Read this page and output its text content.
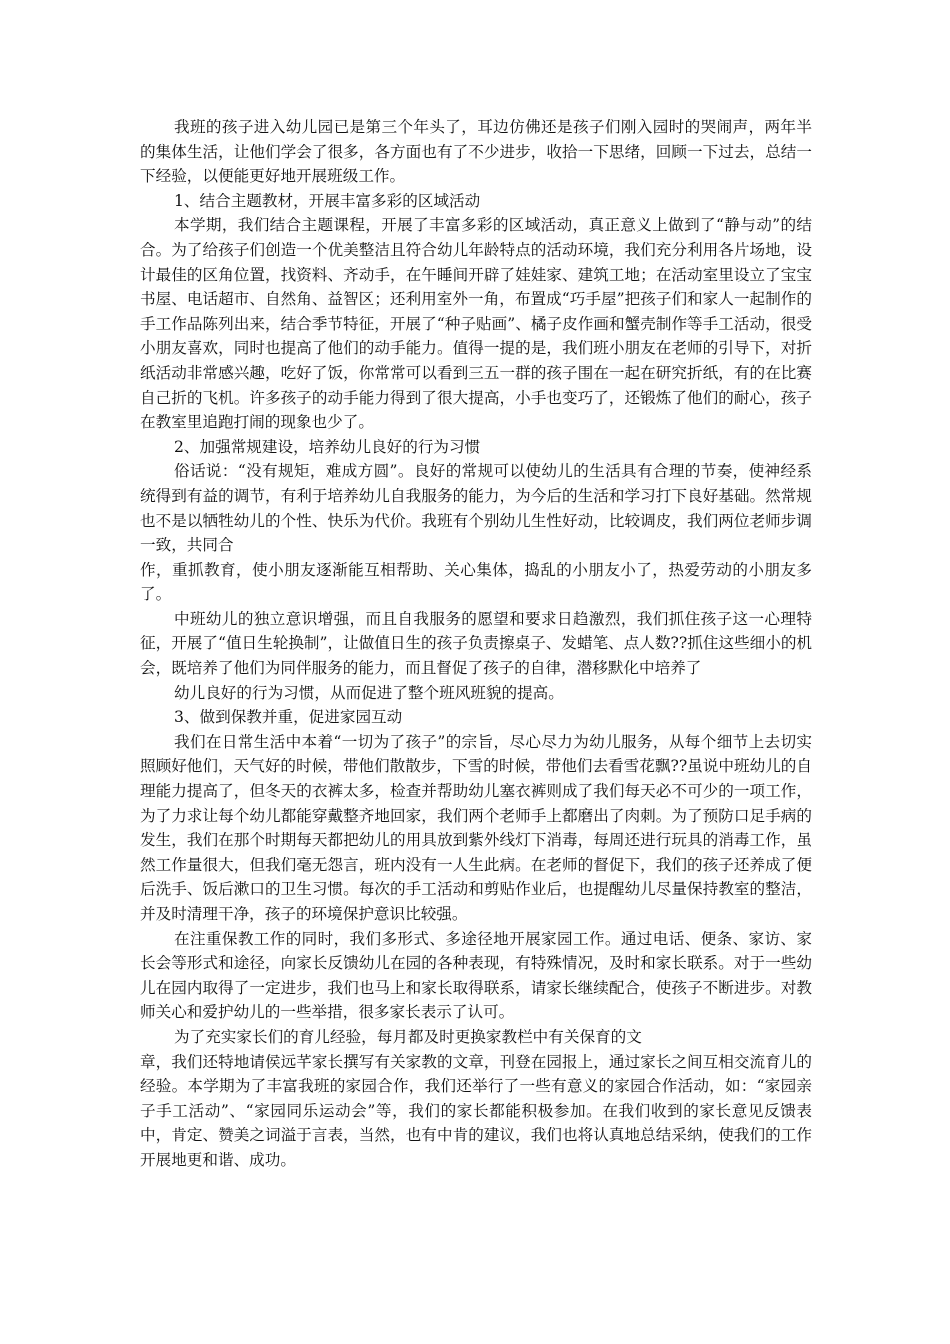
我班的孩子进入幼儿园已是第三个年头了，耳边仿佛还是孩子们刚入园时的哭闹声，两年半的集体生活，让他们学会了很多，各方面也有了不少进步，收拾一下思绪，回顾一下过去，总结一下经验，以便能更好地开展班级工作。

1、结合主题教材，开展丰富多彩的区域活动

本学期，我们结合主题课程，开展了丰富多彩的区域活动，真正意义上做到了“静与动”的结合。为了给孩子们创造一个优美整洁且符合幼儿年龄特点的活动环境，我们充分利用各片场地，设计最佳的区角位置，找资料、齐动手，在午睡间开辟了娃娃家、建筑工地；在活动室里设立了宝宝书屋、电话超市、自然角、益智区；还利用室外一角，布置成“巧手屋”把孩子们和家人一起制作的手工作品陈列出来，结合季节特征，开展了“种子贴画”、橘子皮作画和蟹壳制作等手工活动，很受小朋友喜欢，同时也提高了他们的动手能力。值得一提的是，我们班小朋友在老师的引导下，对折纸活动非常感兴趣，吃好了饭，你常常可以看到三五一群的孩子围在一起在研究折纸，有的在比赛自己折的飞机。许多孩子的动手能力得到了很大提高，小手也变巧了，还锻炼了他们的耐心，孩子在教室里追跑打闹的现象也少了。

2、加强常规建设，培养幼儿良好的行为习惯

俗话说：“没有规矩，难成方圆”。良好的常规可以使幼儿的生活具有合理的节奏，使神经系统得到有益的调节，有利于培养幼儿自我服务的能力，为今后的生活和学习打下良好基础。然常规也不是以牺牲幼儿的个性、快乐为代价。我班有个别幼儿生性好动，比较调皮，我们两位老师步调一致，共同合

作，重抓教育，使小朋友逐渐能互相帮助、关心集体，捣乱的小朋友小了，热爱劳动的小朋友多了。

中班幼儿的独立意识增强，而且自我服务的愿望和要求日趋激烈，我们抓住孩子这一心理特征，开展了“值日生轮换制”，让做值日生的孩子负责擦桌子、发蜡笔、点人数??抓住这些细小的机会，既培养了他们为同伴服务的能力，而且督促了孩子的自律，潜移默化中培养了

幼儿良好的行为习惯，从而促进了整个班风班貌的提高。

3、做到保教并重，促进家园互动

我们在日常生活中本着“一切为了孩子”的宗旨，尽心尽力为幼儿服务，从每个细节上去切实照顾好他们，天气好的时候，带他们散散步，下雪的时候，带他们去看雪花飘??虽说中班幼儿的自理能力提高了，但冬天的衣裤太多，检查并帮助幼儿塞衣裤则成了我们每天必不可少的一项工作，为了力求让每个幼儿都能穿戴整齐地回家，我们两个老师手上都磨出了肉刺。为了预防口足手病的发生，我们在那个时期每天都把幼儿的用具放到紫外线灯下消毒，每周还进行玩具的消毒工作，虽然工作量很大，但我们毫无怨言，班内没有一人生此病。在老师的督促下，我们的孩子还养成了便后洗手、饭后漱口的卫生习惯。每次的手工活动和剪贴作业后，也提醒幼儿尽量保持教室的整洁，并及时清理干净，孩子的环境保护意识比较强。

在注重保教工作的同时，我们多形式、多途径地开展家园工作。通过电话、便条、家访、家长会等形式和途径，向家长反馈幼儿在园的各种表现，有特殊情况，及时和家长联系。对于一些幼儿在园内取得了一定进步，我们也马上和家长取得联系，请家长继续配合，使孩子不断进步。对教师关心和爱护幼儿的一些举措，很多家长表示了认可。

为了充实家长们的育儿经验，每月都及时更换家教栏中有关保育的文

章，我们还特地请侯远芊家长撰写有关家教的文章，刊登在园报上，通过家长之间互相交流育儿的经验。本学期为了丰富我班的家园合作，我们还举行了一些有意义的家园合作活动，如：“家园亲子手工活动”、“家园同乐运动会”等，我们的家长都能积极参加。在我们收到的家长意见反馈表中，肯定、赞美之词溢于言表，当然，也有中肯的建议，我们也将认真地总结采纳，使我们的工作开展地更和谐、成功。
